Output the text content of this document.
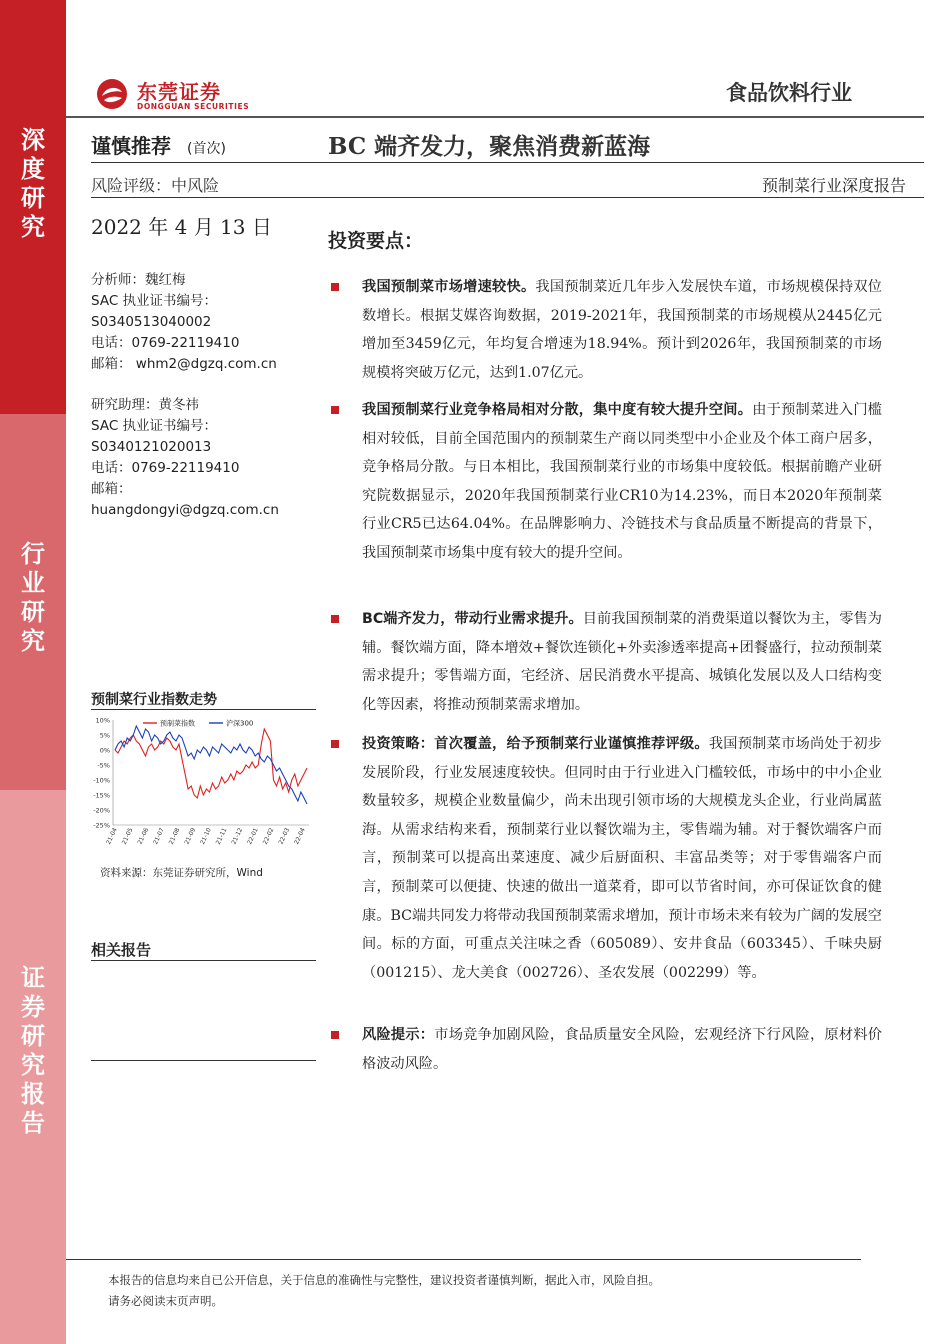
深度研究
行业研究
证券研究报告
东莞证券
DONGGUAN SECURITIES
食品饮料行业
谨慎推荐 (首次)	BC 端齐发力，聚焦消费新蓝海
风险评级：中风险	预制菜行业深度报告
2022 年 4 月 13 日
分析师：魏红梅
SAC 执业证书编号：
S0340513040002
电话：0769-22119410
邮箱： whm2@dgzq.com.cn
研究助理：黄冬祎
SAC 执业证书编号：
S0340121020013
电话：0769-22119410
邮箱：
huangdongyi@dgzq.com.cn
预制菜行业指数走势
10%
5%
0%
-5%
-10%
-15%
-20%
-25%
21-04 21-05 21-06 21-07 21-08 21-09 21-10 21-11 21-12 22-01 22-02 22-03 22-04
预制菜指数	沪深300
资料来源：东莞证券研究所，Wind
相关报告
投资要点：
我国预制菜市场增速较快。我国预制菜近几年步入发展快车道，市场规模保持双位数增长。根据艾媒咨询数据，2019-2021年，我国预制菜的市场规模从2445亿元增加至3459亿元，年均复合增速为18.94%。预计到2026年，我国预制菜的市场规模将突破万亿元，达到1.07亿元。
我国预制菜行业竞争格局相对分散，集中度有较大提升空间。由于预制菜进入门槛相对较低，目前全国范围内的预制菜生产商以同类型中小企业及个体工商户居多，竞争格局分散。与日本相比，我国预制菜行业的市场集中度较低。根据前瞻产业研究院数据显示，2020年我国预制菜行业CR10为14.23%，而日本2020年预制菜行业CR5已达64.04%。在品牌影响力、冷链技术与食品质量不断提高的背景下，我国预制菜市场集中度有较大的提升空间。
BC端齐发力，带动行业需求提升。目前我国预制菜的消费渠道以餐饮为主，零售为辅。餐饮端方面，降本增效+餐饮连锁化+外卖渗透率提高+团餐盛行，拉动预制菜需求提升；零售端方面，宅经济、居民消费水平提高、城镇化发展以及人口结构变化等因素，将推动预制菜需求增加。
投资策略：首次覆盖，给予预制菜行业谨慎推荐评级。我国预制菜市场尚处于初步发展阶段，行业发展速度较快。但同时由于行业进入门槛较低，市场中的中小企业数量较多，规模企业数量偏少，尚未出现引领市场的大规模龙头企业，行业尚属蓝海。从需求结构来看，预制菜行业以餐饮端为主，零售端为辅。对于餐饮端客户而言，预制菜可以提高出菜速度、减少后厨面积、丰富品类等；对于零售端客户而言，预制菜可以便捷、快速的做出一道菜肴，即可以节省时间，亦可保证饮食的健康。BC端共同发力将带动我国预制菜需求增加，预计市场未来有较为广阔的发展空间。标的方面，可重点关注味之香（605089）、安井食品（603345）、千味央厨（001215）、龙大美食（002726）、圣农发展（002299）等。
风险提示：市场竞争加剧风险，食品质量安全风险，宏观经济下行风险，原材料价格波动风险。
本报告的信息均来自已公开信息，关于信息的准确性与完整性，建议投资者谨慎判断，据此入市，风险自担。
请务必阅读末页声明。
